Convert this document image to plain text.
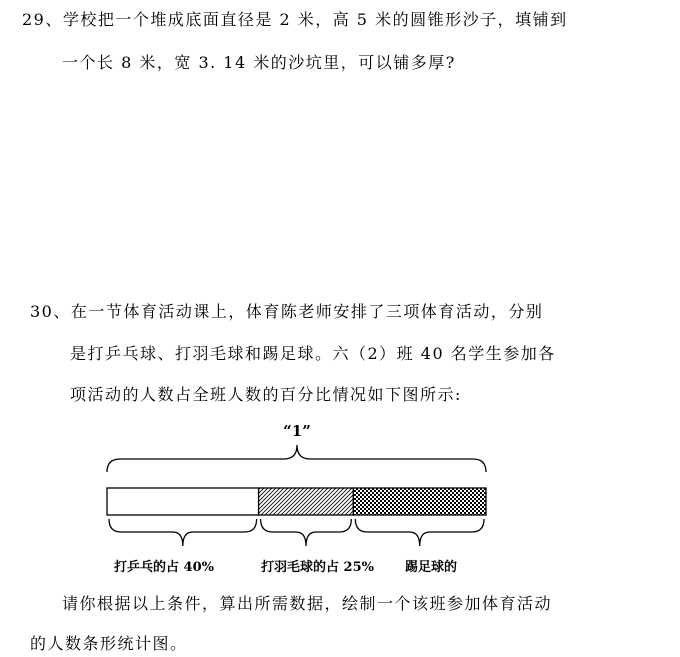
29、学校把一个堆成底面直径是 2 米，高 5 米的圆锥形沙子，填铺到
一个长 8 米，宽 3. 14 米的沙坑里，可以铺多厚?
30、在一节体育活动课上，体育陈老师安排了三项体育活动，分别
是打乒乓球、打羽毛球和踢足球。六（2）班 40 名学生参加各
项活动的人数占全班人数的百分比情况如下图所示:
“1”
打乒乓的占 40%	打羽毛球的占 25% 踢足球的
请你根据以上条件，算出所需数据，绘制一个该班参加体育活动
的人数条形统计图。
